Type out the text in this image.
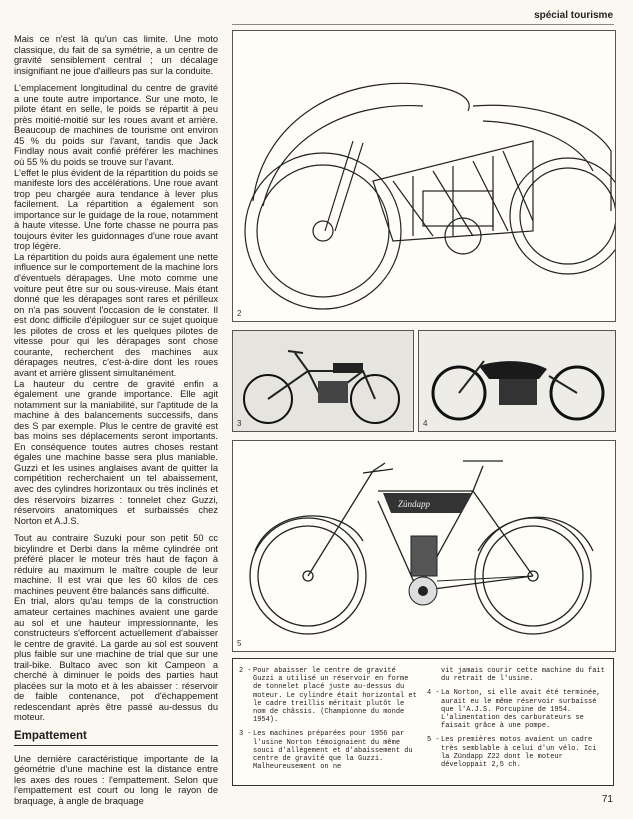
spécial tourisme

Mais ce n'est là qu'un cas limite. Une moto classique, du fait de sa symétrie, a un centre de gravité sensiblement central ; un décalage insignifiant ne joue d'ailleurs pas sur la conduite.

L'emplacement longitudinal du centre de gravité a une toute autre importance. Sur une moto, le pilote étant en selle, le poids se répartit à peu près moitié-moitié sur les roues avant et arrière. Beaucoup de machines de tourisme ont environ 45 % du poids sur l'avant, tandis que Jack Findlay nous avait confié préférer les machines où 55 % du poids se trouve sur l'avant.

L'effet le plus évident de la répartition du poids se manifeste lors des accélérations. Une roue avant trop peu chargée aura tendance à lever plus facilement. La répartition a également son importance sur le guidage de la roue, notamment à haute vitesse. Une forte chasse ne pourra pas toujours éviter les guidonnages d'une roue avant trop légère.

La répartition du poids aura également une nette influence sur le comportement de la machine lors d'éventuels dérapages. Une moto comme une voiture peut être sur ou sous-vireuse. Mais étant donné que les dérapages sont rares et périlleux on n'a pas souvent l'occasion de le constater. Il est donc difficile d'épiloguer sur ce sujet quoique les pilotes de cross et les quelques pilotes de vitesse pour qui les dérapages sont chose courante, recherchent des machines aux dérapages neutres, c'est-à-dire dont les roues avant et arrière glissent simultanément.

La hauteur du centre de gravité enfin a également une grande importance. Elle agit notamment sur la maniabilité, sur l'aptitude de la machine à des balancements successifs, dans des S par exemple. Plus le centre de gravité est bas moins ses déplacements seront importants. En conséquence toutes autres choses restant égales une machine basse sera plus maniable. Guzzi et les usines anglaises avant de quitter la compétition recherchaient un tel abaissement, avec des cylindres horizontaux ou très inclinés et des réservoirs bizarres : tonnelet chez Guzzi, réservoirs anatomiques et surbaissés chez Norton et A.J.S.

Tout au contraire Suzuki pour son petit 50 cc bicylindre et Derbi dans la même cylindrée ont préféré placer le moteur très haut de façon à réduire au maximum le maître couple de leur machine. Il est vrai que les 60 kilos de ces machines peuvent être balancés sans difficulté.

En trial, alors qu'au temps de la construction amateur certaines machines avaient une garde au sol et une hauteur impressionnante, les constructeurs s'efforcent actuellement d'abaisser le centre de gravité. La garde au sol est souvent plus faible sur une machine de trial que sur une trail-bike. Bultaco avec son kit Campeon a cherché à diminuer le poids des parties haut placées sur la moto et à les abaisser : réservoir de faible contenance, pot d'échappement redescendant après être passé au-dessus du moteur.

Empattement

Une dernière caractéristique importante de la géométrie d'une machine est la distance entre les axes des roues : l'empattement. Selon que l'empattement est court ou long le rayon de braquage, à angle de braquage

2
3	4
Zündapp
5
2 - Pour abaisser le centre de gravité Guzzi a utilisé un réservoir en forme de tonnelet placé juste au-dessus du moteur. Le cylindre était horizontal et le cadre treillis méritait plutôt le nom de châssis. (Championne du monde 1954).
3 - Les machines préparées pour 1956 par l'usine Norton témoignaient du même souci d'allègement et d'abaissement du centre de gravité que la Guzzi. Malheureusement on ne
vit jamais courir cette machine du fait du retrait de l'usine.
4 - La Norton, si elle avait été terminée, aurait eu le même réservoir surbaissé que l'A.J.S. Porcupine de 1954. L'alimentation des carburateurs se faisait grâce à une pompe.
5 - Les premières motos avaient un cadre très semblable à celui d'un vélo. Ici la Zündapp Z22 dont le moteur développait 2,5 ch.
71
